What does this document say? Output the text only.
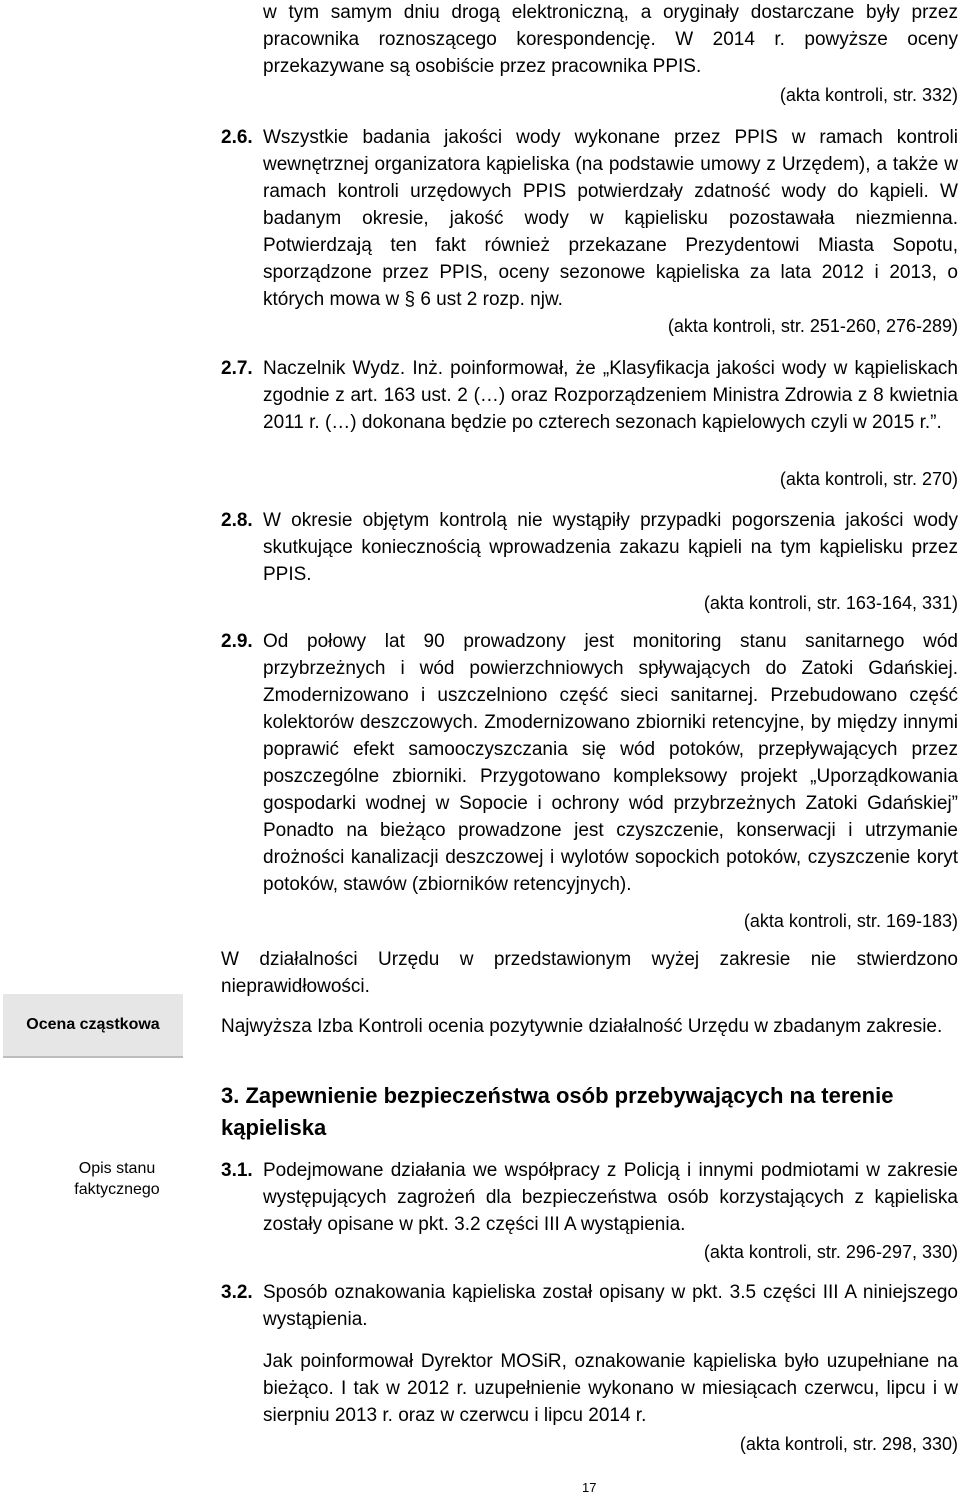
w tym samym dniu drogą elektroniczną, a oryginały dostarczane były przez pracownika roznoszącego korespondencję. W 2014 r. powyższe oceny przekazywane są osobiście przez pracownika PPIS.
(akta kontroli, str. 332)
2.6. Wszystkie badania jakości wody wykonane przez PPIS w ramach kontroli wewnętrznej organizatora kąpieliska (na podstawie umowy z Urzędem), a także w ramach kontroli urzędowych PPIS potwierdzały zdatność wody do kąpieli. W badanym okresie, jakość wody w kąpielisku pozostawała niezmienna. Potwierdzają ten fakt również przekazane Prezydentowi Miasta Sopotu, sporządzone przez PPIS, oceny sezonowe kąpieliska za lata 2012 i 2013, o których mowa w § 6 ust 2 rozp. njw.
(akta kontroli, str. 251-260, 276-289)
2.7. Naczelnik Wydz. Inż. poinformował, że „Klasyfikacja jakości wody w kąpieliskach zgodnie z art. 163 ust. 2 (…) oraz Rozporządzeniem Ministra Zdrowia z 8 kwietnia 2011 r. (…) dokonana będzie po czterech sezonach kąpielowych czyli w 2015 r.”.
(akta kontroli, str. 270)
2.8. W okresie objętym kontrolą nie wystąpiły przypadki pogorszenia jakości wody skutkujące koniecznością wprowadzenia zakazu kąpieli na tym kąpielisku przez PPIS.
(akta kontroli, str. 163-164, 331)
2.9. Od połowy lat 90 prowadzony jest monitoring stanu sanitarnego wód przybrzeżnych i wód powierzchniowych spływających do Zatoki Gdańskiej. Zmodernizowano i uszczelniono część sieci sanitarnej. Przebudowano część kolektorów deszczowych. Zmodernizowano zbiorniki retencyjne, by między innymi poprawić efekt samooczyszczania się wód potoków, przepływających przez poszczególne zbiorniki. Przygotowano kompleksowy projekt „Uporządkowania gospodarki wodnej w Sopocie i ochrony wód przybrzeżnych Zatoki Gdańskiej” Ponadto na bieżąco prowadzone jest czyszczenie, konserwacji i utrzymanie drożności kanalizacji deszczowej i wylotów sopockich potoków, czyszczenie koryt potoków, stawów (zbiorników retencyjnych).
(akta kontroli, str. 169-183)
W działalności Urzędu w przedstawionym wyżej zakresie nie stwierdzono nieprawidłowości.
Ocena cząstkowa
Opis stanu
faktycznego
Najwyższa Izba Kontroli ocenia pozytywnie działalność Urzędu w zbadanym zakresie.
3. Zapewnienie bezpieczeństwa osób przebywających na terenie kąpieliska
3.1. Podejmowane działania we współpracy z Policją i innymi podmiotami w zakresie występujących zagrożeń dla bezpieczeństwa osób korzystających z kąpieliska zostały opisane w pkt. 3.2 części III A wystąpienia.
(akta kontroli, str. 296-297, 330)
3.2. Sposób oznakowania kąpieliska został opisany w pkt. 3.5 części III A niniejszego wystąpienia.
Jak poinformował Dyrektor MOSiR, oznakowanie kąpieliska było uzupełniane na bieżąco. I tak w 2012 r. uzupełnienie wykonano w miesiącach czerwcu, lipcu i w sierpniu 2013 r. oraz w czerwcu i lipcu 2014 r.
(akta kontroli, str. 298, 330)
17
